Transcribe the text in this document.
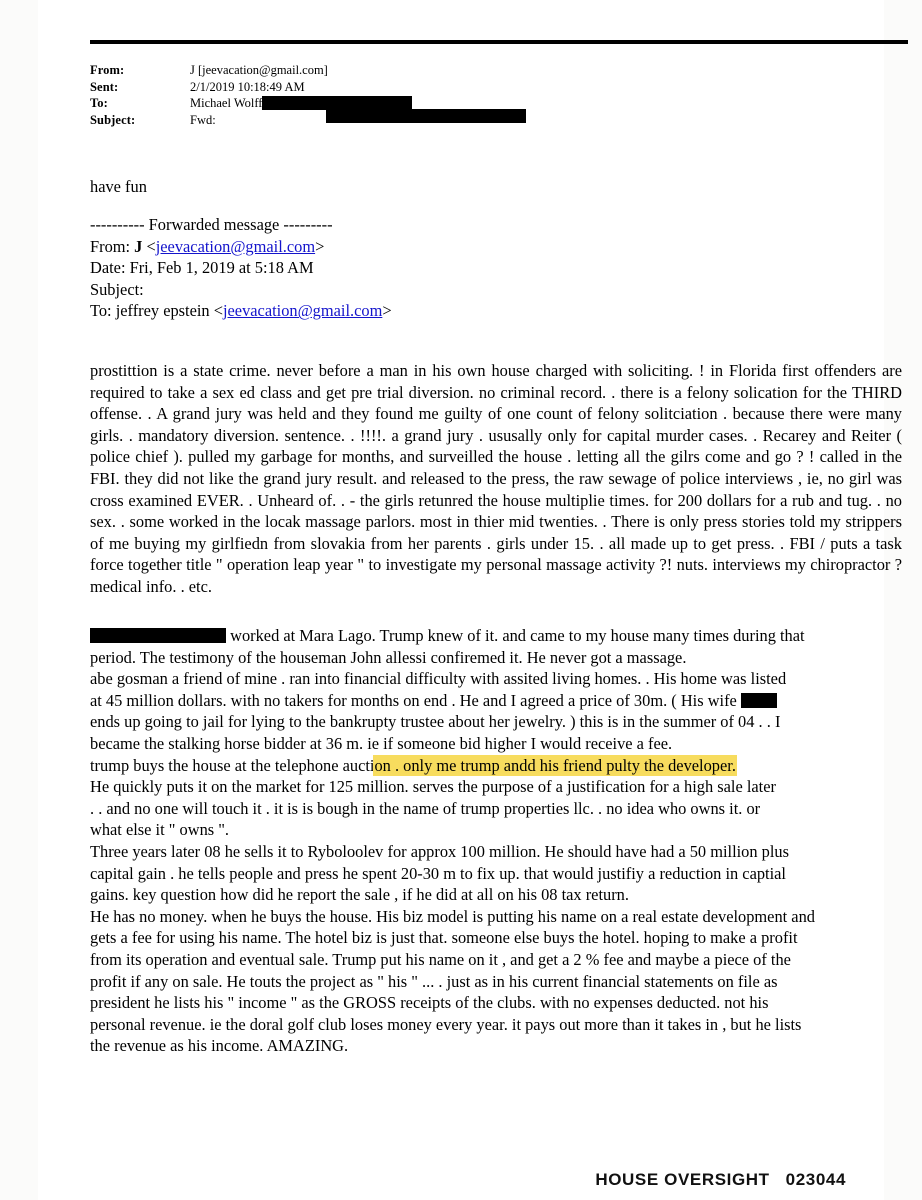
From:	J [jeevacation@gmail.com]
Sent:	2/1/2019 10:18:49 AM
To:	Michael Wolff
Subject:	Fwd:
have fun
---------- Forwarded message ---------
From: J <jeevacation@gmail.com>
Date: Fri, Feb 1, 2019 at 5:18 AM
Subject:
To: jeffrey epstein <jeevacation@gmail.com>

prostittion is a state crime. never before a man in his own house charged with soliciting. ! in Florida first offenders are required to take a sex ed class and get pre trial diversion. no criminal record. . there is a felony solication for the THIRD offense. . A grand jury was held and they found me guilty of one count of felony solitciation . because there were many girls. . mandatory diversion. sentence. . !!!!. a grand jury . ususally only for capital murder cases. . Recarey and Reiter ( police chief ). pulled my garbage for months, and surveilled the house . letting all the gilrs come and go ? ! called in the FBI. they did not like the grand jury result. and released to the press, the raw sewage of police interviews , ie, no girl was cross examined EVER. . Unheard of. . - the girls retunred the house multiplie times. for 200 dollars for a rub and tug. . no sex. . some worked in the locak massage parlors. most in thier mid twenties. . There is only press stories told my strippers of me buying my girlfiedn from slovakia from her parents . girls under 15. . all made up to get press. . FBI / puts a task force together title " operation leap year " to investigate my personal massage activity ?! nuts. interviews my chiropractor ? medical info. . etc.

worked at Mara Lago. Trump knew of it. and came to my house many times during that

period. The testimony of the houseman John allessi confiremed it. He never got a massage.

abe gosman a friend of mine . ran into financial difficulty with assited living homes. . His home was listed

at 45 million dollars. with no takers for months on end . He and I agreed a price of 30m. ( His wife

ends up going to jail for lying to the bankrupty trustee about her jewelry. ) this is in the summer of 04 . . I

became the stalking horse bidder at 36 m. ie if someone bid higher I would receive a fee.

trump buys the house at the telephone auction . only me trump andd his friend pulty the developer.

He quickly puts it on the market for 125 million. serves the purpose of a justification for a high sale later

. . and no one will touch it . it is is bough in the name of trump properties llc. . no idea who owns it. or

what else it " owns ".

Three years later 08 he sells it to Ryboloolev for approx 100 million. He should have had a 50 million plus

capital gain . he tells people and press he spent 20-30 m to fix up. that would justifiy a reduction in captial

gains. key question how did he report the sale , if he did at all on his 08 tax return.

He has no money. when he buys the house. His biz model is putting his name on a real estate development and

gets a fee for using his name. The hotel biz is just that. someone else buys the hotel. hoping to make a profit

from its operation and eventual sale. Trump put his name on it , and get a 2 % fee and maybe a piece of the

profit if any on sale. He touts the project as " his " ... . just as in his current financial statements on file as

president he lists his " income " as the GROSS receipts of the clubs. with no expenses deducted. not his

personal revenue. ie the doral golf club loses money every year. it pays out more than it takes in , but he lists

the revenue as his income. AMAZING.

HOUSE OVERSIGHT 023044
